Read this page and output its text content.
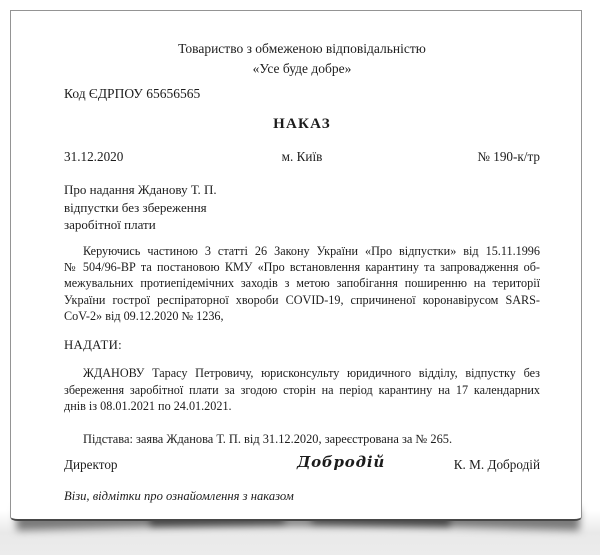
Товариство з обмеженою відповідальністю
«Усе буде добре»
Код ЄДРПОУ 65656565
НАКАЗ
31.12.2020	м. Київ	№ 190-к/тр
Про надання Жданову Т. П.
відпустки без збереження
заробітної плати
Керуючись частиною 3 статті 26 Закону України «Про відпустки» від 15.11.1996
№ 504/96-ВР та постановою КМУ «Про встановлення карантину та запровадження об-
межувальних протиепідемічних заходів з метою запобігання поширенню на території
України гострої респіраторної хвороби COVID-19, спричиненої коронавірусом SARS-
CoV-2» від 09.12.2020 № 1236,
НАДАТИ:
ЖДАНОВУ Тарасу Петровичу, юрисконсульту юридичного відділу, відпустку без
збереження заробітної плати за згодою сторін на період карантину на 17 календарних
днів із 08.01.2021 по 24.01.2021.
Підстава: заява Жданова Т. П. від 31.12.2020, зареєстрована за № 265.
Директор	Добродій	К. М. Добродій
Візи, відмітки про ознайомлення з наказом
